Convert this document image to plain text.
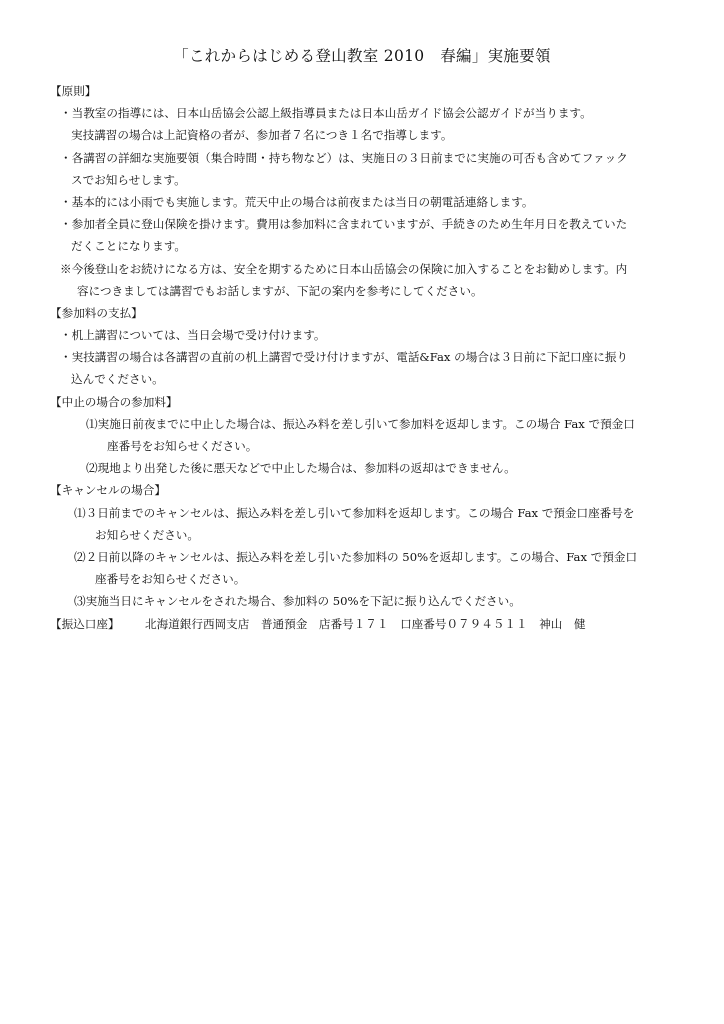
「これからはじめる登山教室 2010　春編」実施要領
【原則】
・当教室の指導には、日本山岳協会公認上級指導員または日本山岳ガイド協会公認ガイドが当ります。
実技講習の場合は上記資格の者が、参加者７名につき１名で指導します。
・各講習の詳細な実施要領（集合時間・持ち物など）は、実施日の３日前までに実施の可否も含めてファック
スでお知らせします。
・基本的には小雨でも実施します。荒天中止の場合は前夜または当日の朝電話連絡します。
・参加者全員に登山保険を掛けます。費用は参加料に含まれていますが、手続きのため生年月日を教えていた
だくことになります。
※今後登山をお続けになる方は、安全を期するために日本山岳協会の保険に加入することをお勧めします。内
容につきましては講習でもお話しますが、下記の案内を参考にしてください。
【参加料の支払】
・机上講習については、当日会場で受け付けます。
・実技講習の場合は各講習の直前の机上講習で受け付けますが、電話&Fax の場合は３日前に下記口座に振り
込んでください。
【中止の場合の参加料】
⑴実施日前夜までに中止した場合は、振込み料を差し引いて参加料を返却します。この場合 Fax で預金口
座番号をお知らせください。
⑵現地より出発した後に悪天などで中止した場合は、参加料の返却はできません。
【キャンセルの場合】
⑴３日前までのキャンセルは、振込み料を差し引いて参加料を返却します。この場合 Fax で預金口座番号を
お知らせください。
⑵２日前以降のキャンセルは、振込み料を差し引いた参加料の 50%を返却します。この場合、Fax で預金口
座番号をお知らせください。
⑶実施当日にキャンセルをされた場合、参加料の 50%を下記に振り込んでください。
【振込口座】 北海道銀行西岡支店　普通預金　店番号１７１　口座番号０７９４５１１　神山　健
